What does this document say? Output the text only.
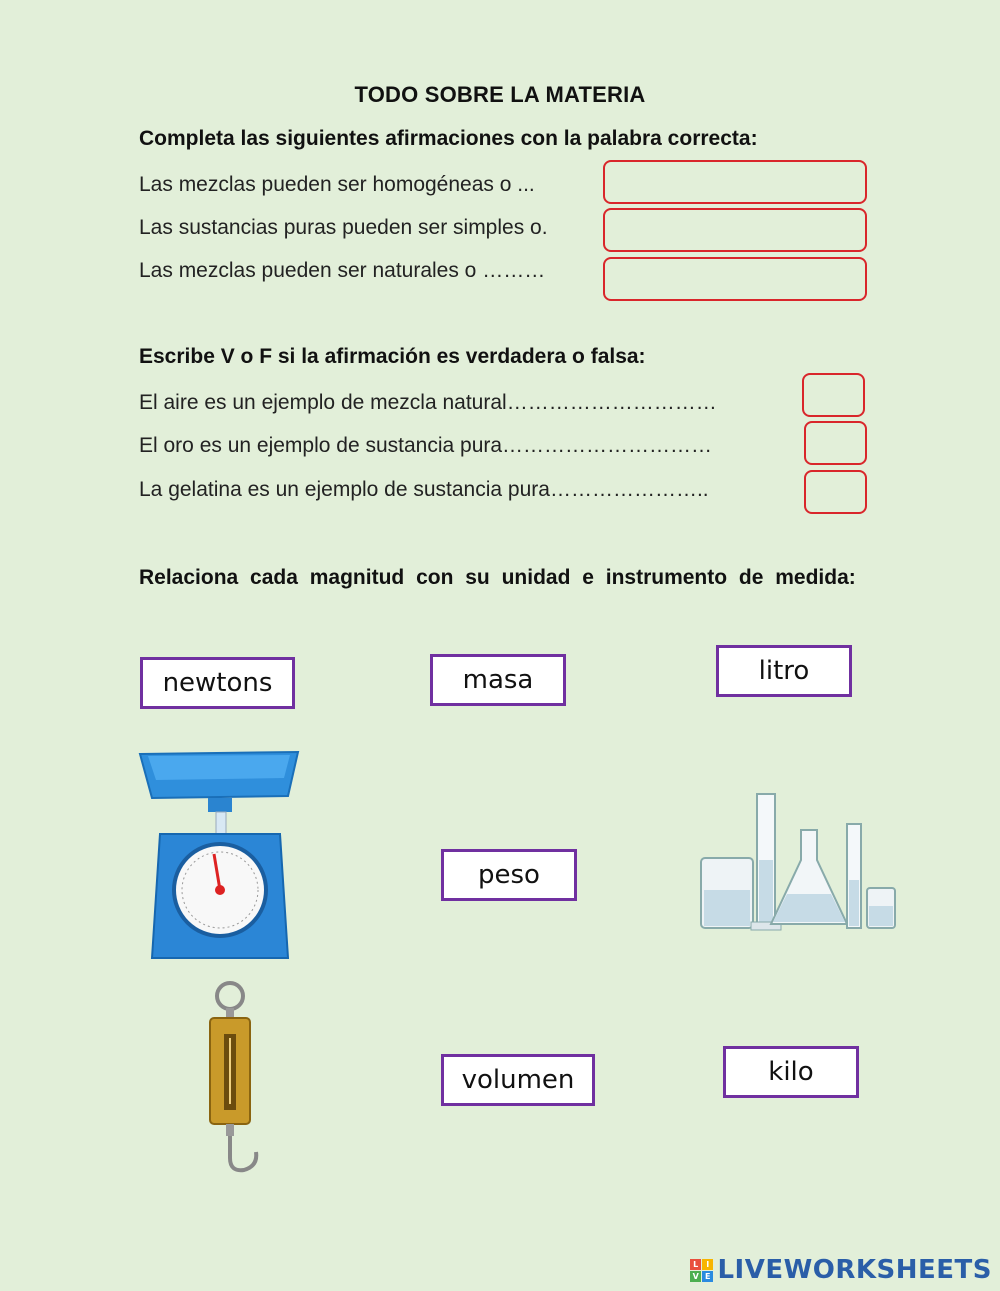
TODO SOBRE LA MATERIA
Completa las siguientes afirmaciones con la palabra correcta:
Las mezclas pueden ser homogéneas o ...
Las sustancias puras pueden ser simples o.
Las mezclas pueden ser naturales o ………
Escribe V o F si la afirmación es verdadera o falsa:
El aire es un ejemplo de mezcla natural…………………………
El oro es un ejemplo de sustancia pura…………………………
La gelatina es un ejemplo de sustancia pura…………………..
Relaciona cada magnitud con su unidad e instrumento de medida:
newtons	masa	litro
peso
volumen	kilo
L I
V E LIVEWORKSHEETS
